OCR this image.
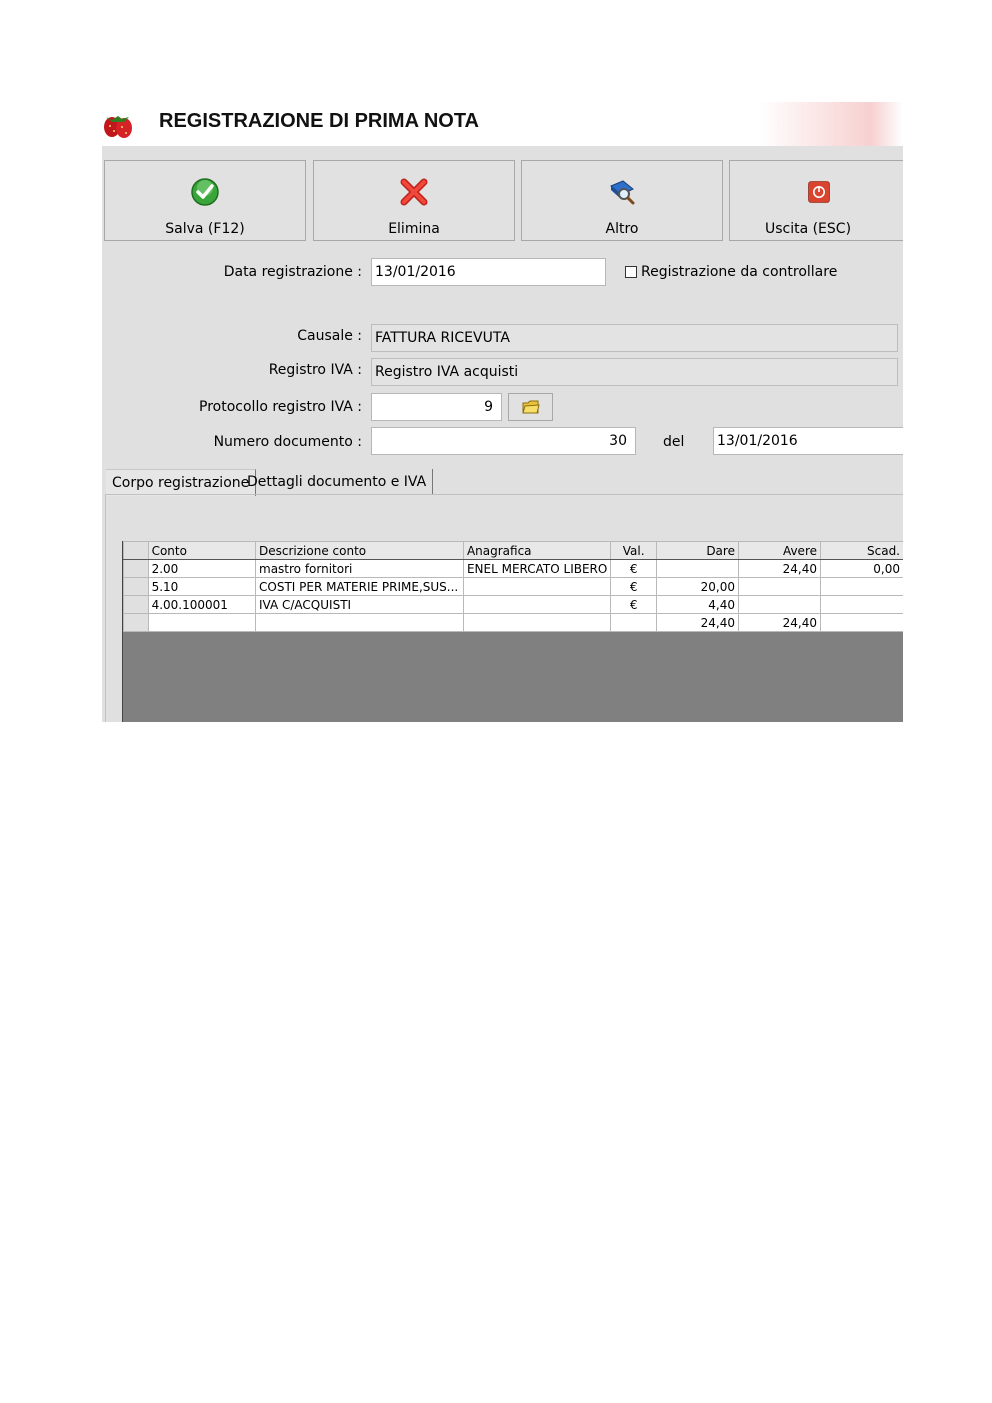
REGISTRAZIONE DI PRIMA NOTA
Salva (F12)	Elimina	Altro	Uscita (ESC)
Data registrazione : 13/01/2016	Registrazione da controllare
Causale : FATTURA RICEVUTA
Registro IVA : Registro IVA acquisti
Protocollo registro IVA :	9
Numero documento :	30	del 13/01/2016
Corpo registrazione
Dettagli documento e IVA
	Conto	Descrizione conto	Anagrafica	Val.	Dare	Avere	Scad.
	2.00	mastro fornitori	ENEL MERCATO LIBERO	€		24,40	0,00
	5.10	COSTI PER MATERIE PRIME,SUS...		€	20,00		
	4.00.100001	IVA C/ACQUISTI		€	4,40		
					24,40	24,40	
